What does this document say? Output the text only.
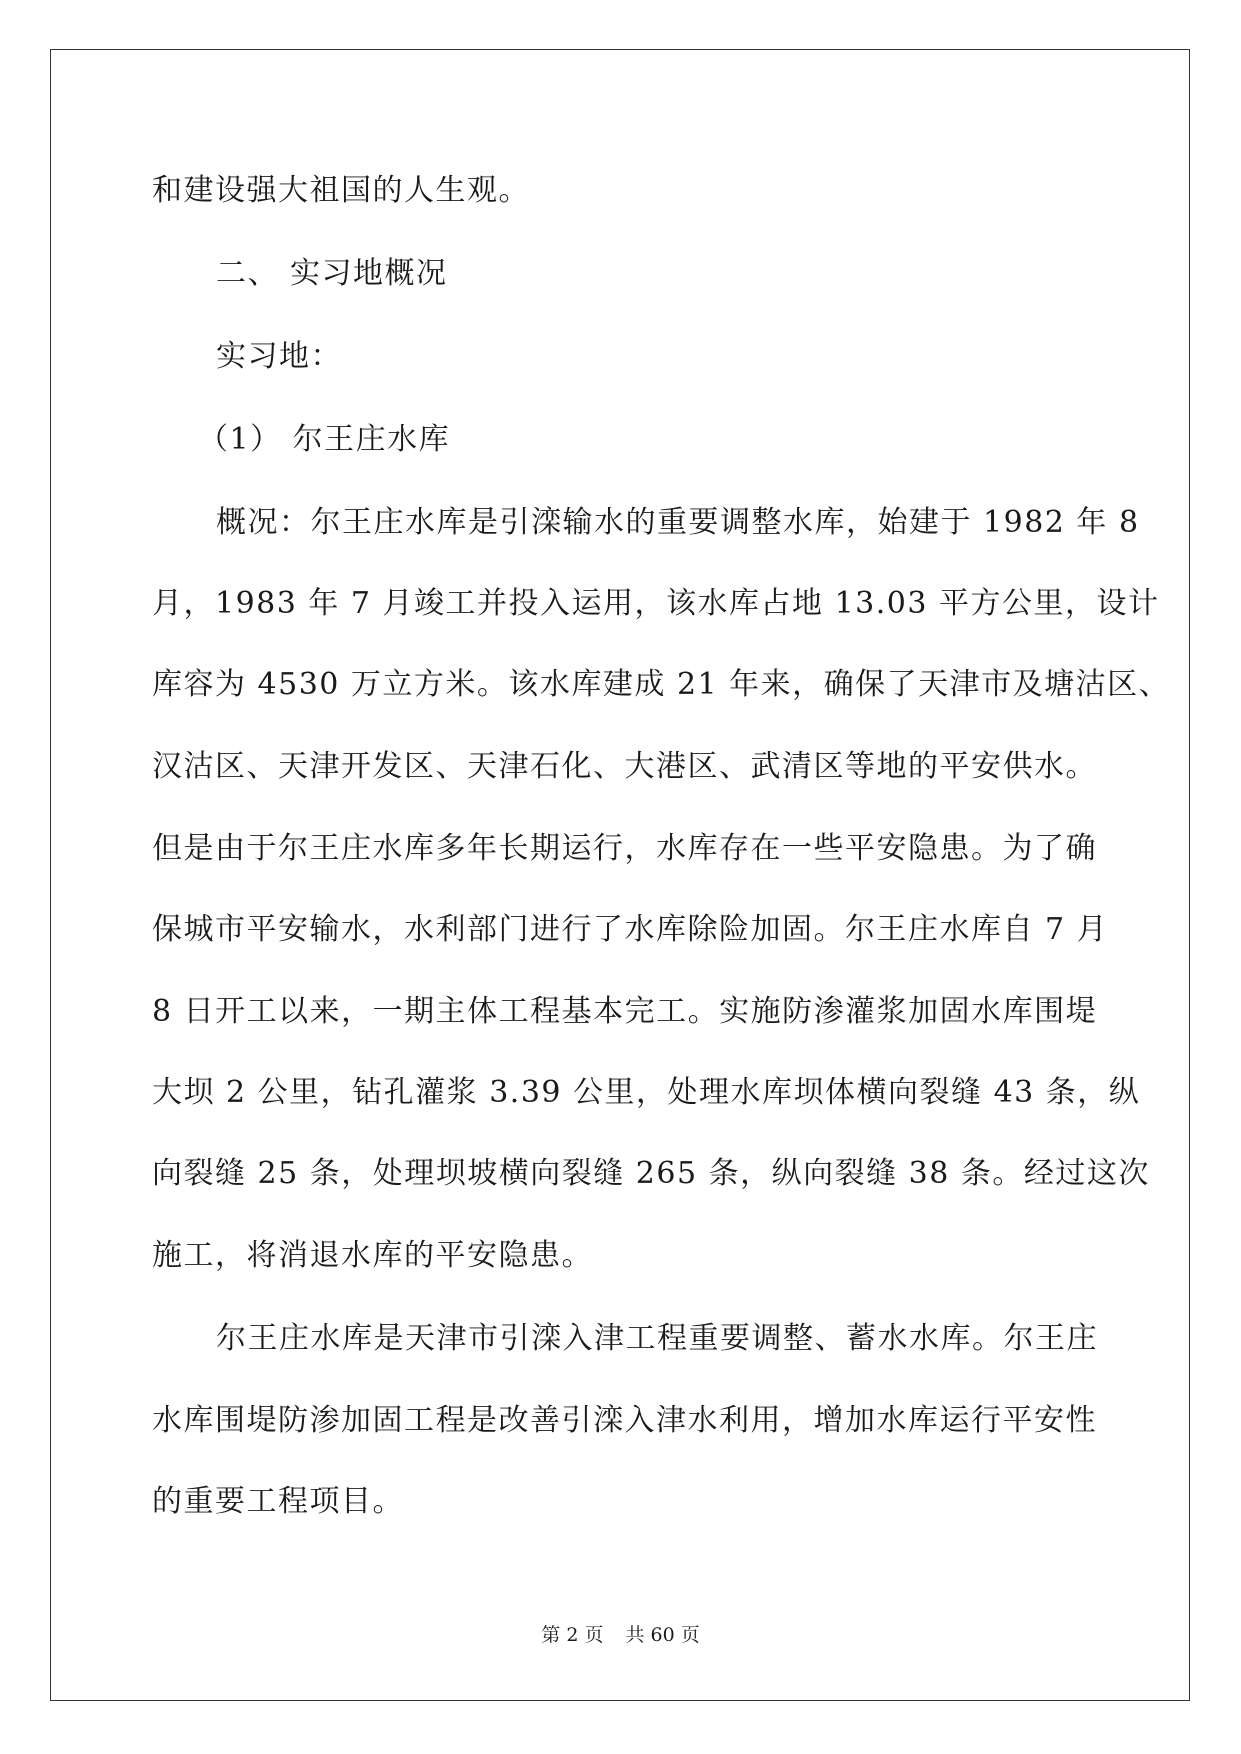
和建设强大祖国的人生观。
二、 实习地概况
实习地：
（1） 尔王庄水库
概况：尔王庄水库是引滦输水的重要调整水库，始建于 1982 年 8
月，1983 年 7 月竣工并投入运用，该水库占地 13.03 平方公里，设计
库容为 4530 万立方米。该水库建成 21 年来，确保了天津市及塘沽区、
汉沽区、天津开发区、天津石化、大港区、武清区等地的平安供水。
但是由于尔王庄水库多年长期运行，水库存在一些平安隐患。为了确
保城市平安输水，水利部门进行了水库除险加固。尔王庄水库自 7 月
8 日开工以来，一期主体工程基本完工。实施防渗灌浆加固水库围堤
大坝 2 公里，钻孔灌浆 3.39 公里，处理水库坝体横向裂缝 43 条，纵
向裂缝 25 条，处理坝坡横向裂缝 265 条，纵向裂缝 38 条。经过这次
施工，将消退水库的平安隐患。
尔王庄水库是天津市引滦入津工程重要调整、蓄水水库。尔王庄
水库围堤防渗加固工程是改善引滦入津水利用，增加水库运行平安性
的重要工程项目。
第 2 页 共 60 页
